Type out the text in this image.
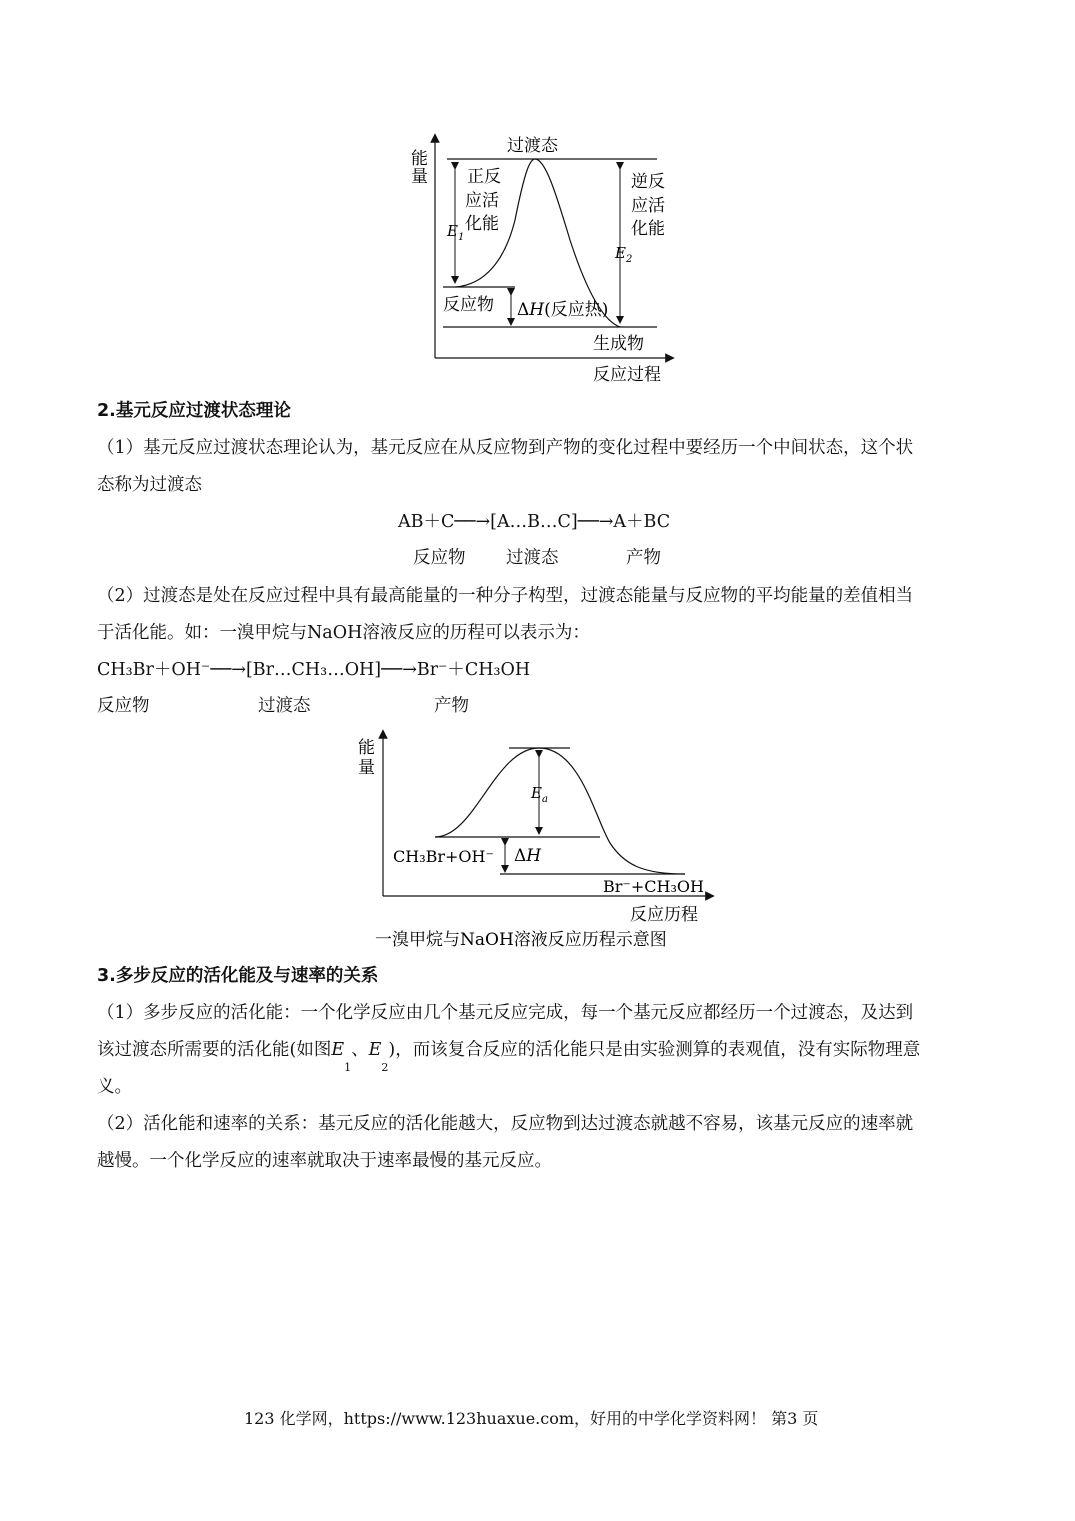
能
量
过渡态
正反
应活
化能
$E_1$
逆反
应活
化能
$E_2$
反应物 ΔH(反应热)
生成物
反应过程
2.基元反应过渡状态理论
（1）基元反应过渡状态理论认为，基元反应在从反应物到产物的变化过程中要经历一个中间状态，这个状
态称为过渡态
AB＋C──→[A…B…C]──→A＋BC
反应物 过渡态	产物
（2）过渡态是处在反应过程中具有最高能量的一种分子构型，过渡态能量与反应物的平均能量的差值相当
于活化能。如：一溴甲烷与NaOH溶液反应的历程可以表示为：
CH₃Br＋OH⁻──→[Br…CH₃…OH]──→Br⁻＋CH₃OH
反应物	过渡态	产物
能
量
$E_a$
CH₃Br+OH⁻ ΔH
Br⁻+CH₃OH
反应历程
一溴甲烷与NaOH溶液反应历程示意图
3.多步反应的活化能及与速率的关系
（1）多步反应的活化能：一个化学反应由几个基元反应完成，每一个基元反应都经历一个过渡态，及达到
该过渡态所需要的活化能(如图$E_1$、$E_2$)，而该复合反应的活化能只是由实验测算的表观值，没有实际物理意
义。
（2）活化能和速率的关系：基元反应的活化能越大，反应物到达过渡态就越不容易，该基元反应的速率就
越慢。一个化学反应的速率就取决于速率最慢的基元反应。
123 化学网，https://www.123huaxue.com，好用的中学化学资料网！ 第3 页
